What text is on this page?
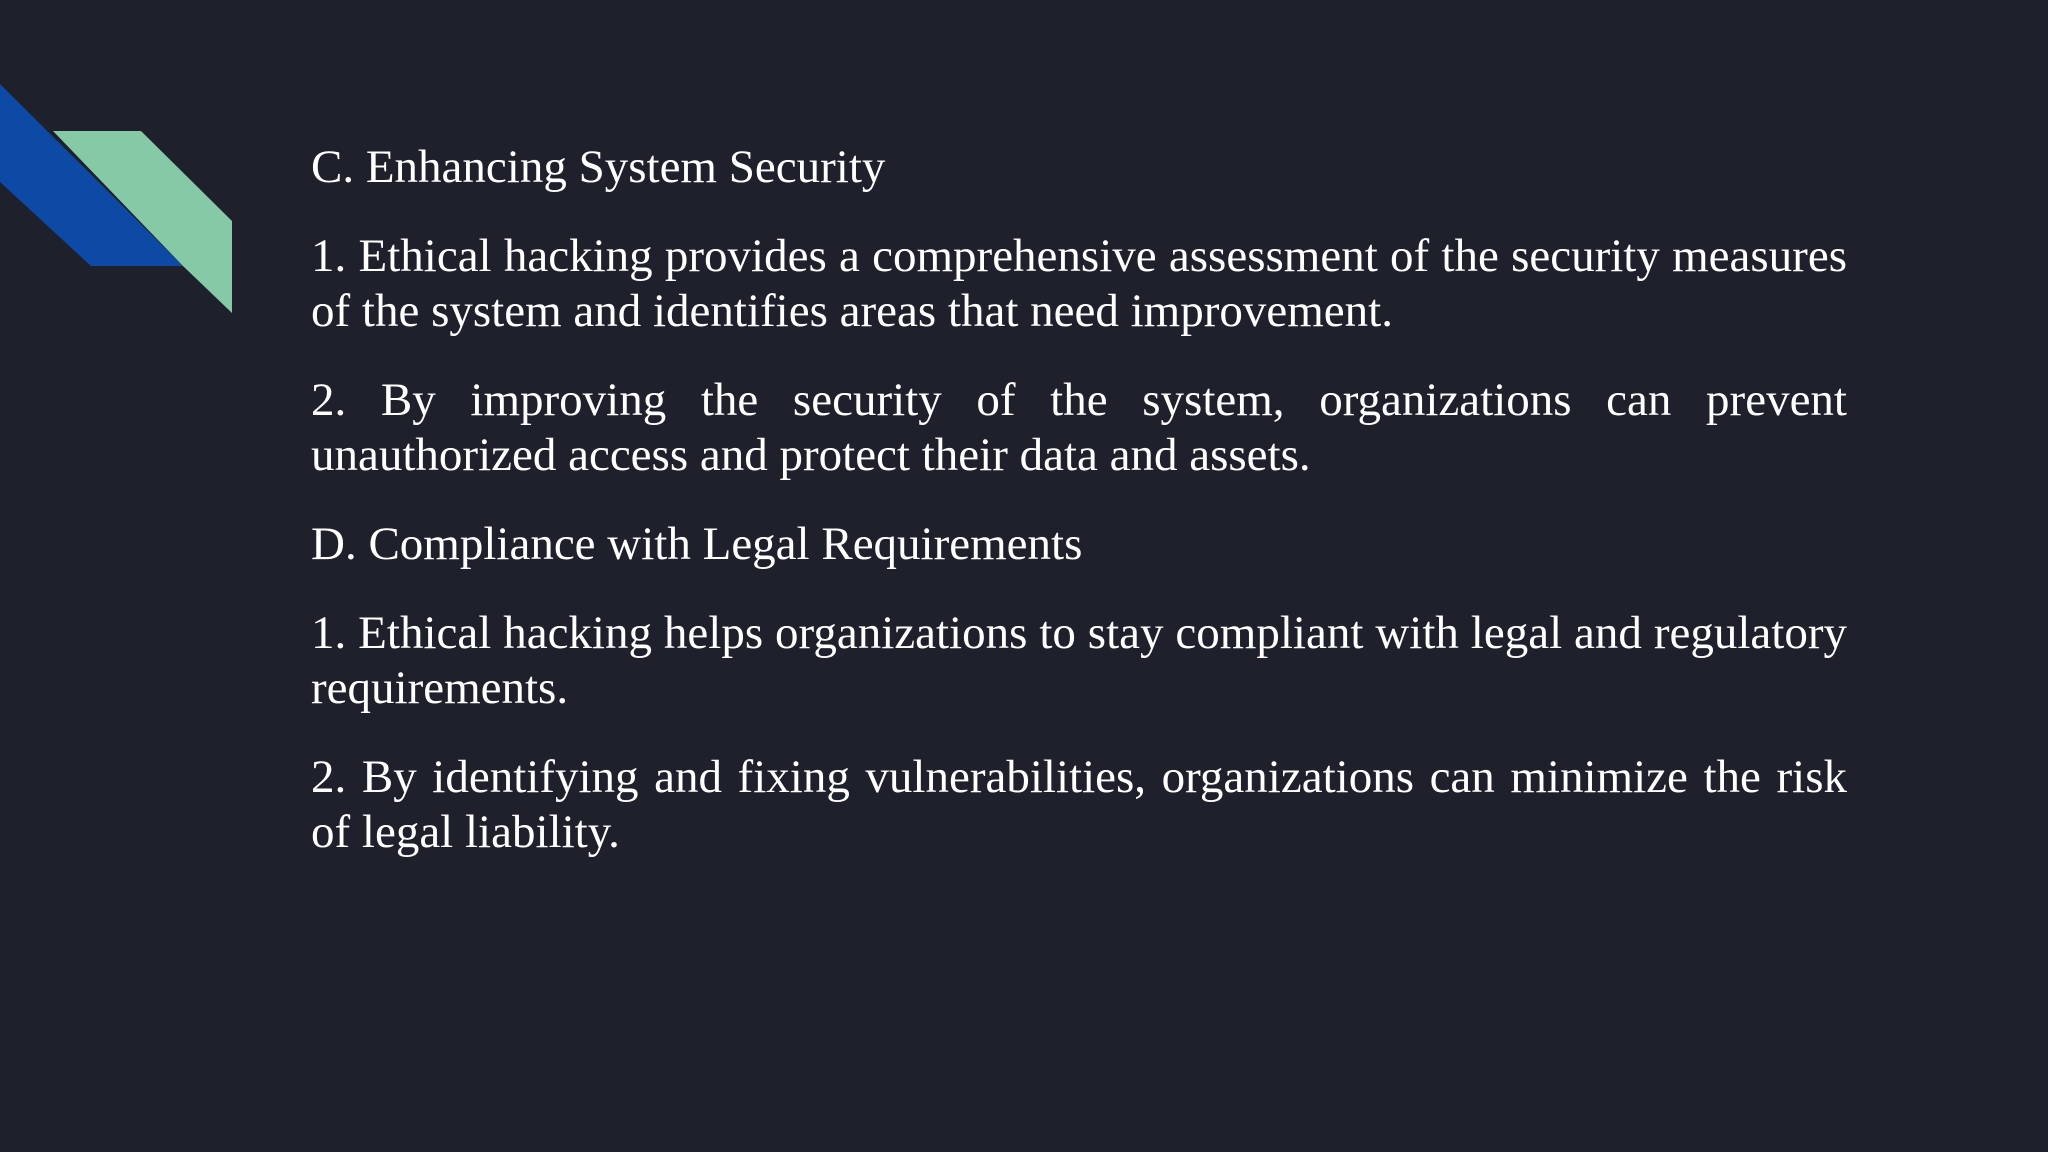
C. Enhancing System Security

1. Ethical hacking provides a comprehensive assessment of the security measures of the system and identifies areas that need improvement.

2. By improving the security of the system, organizations can prevent unauthorized access and protect their data and assets.

D. Compliance with Legal Requirements

1. Ethical hacking helps organizations to stay compliant with legal and regulatory requirements.

2. By identifying and fixing vulnerabilities, organizations can minimize the risk of legal liability.
